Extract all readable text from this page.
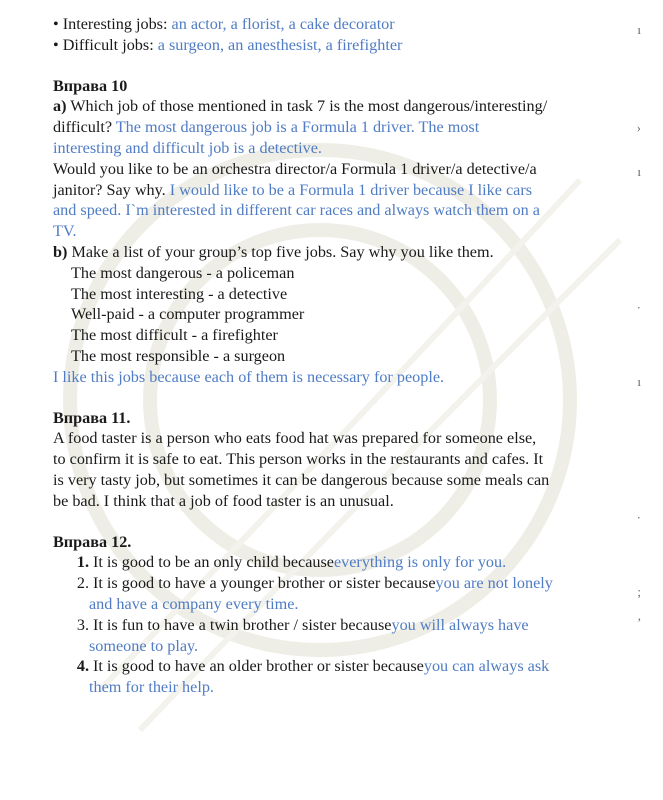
• Interesting jobs: an actor, a florist, a cake decorator
• Difficult jobs: a surgeon, an anesthesist, a firefighter
Вправа 10
a) Which job of those mentioned in task 7 is the most dangerous/interesting/
difficult? The most dangerous job is a Formula 1 driver. The most
interesting and difficult job is a detective.
Would you like to be an orchestra director/a Formula 1 driver/a detective/a
janitor? Say why. I would like to be a Formula 1 driver because I like cars
and speed. I`m interested in different car races and always watch them on a
TV.
b) Make a list of your group’s top five jobs. Say why you like them.
The most dangerous - a policeman
The most interesting - a detective
Well-paid - a computer programmer
The most difficult - a firefighter
The most responsible - a surgeon
I like this jobs because each of them is necessary for people.
Вправа 11.
A food taster is a person who eats food hat was prepared for someone else,
to confirm it is safe to eat. This person works in the restaurants and cafes. It
is very tasty job, but sometimes it can be dangerous because some meals can
be bad. I think that a job of food taster is an unusual.
Вправа 12.
1. It is good to be an only child because everything is only for you.
2. It is good to have a younger brother or sister because you are not lonely
and have a company every time.
3. It is fun to have a twin brother / sister because you will always have
someone to play.
4. It is good to have an older brother or sister because you can always ask
them for their help.
ı
›
ı
·
ı
·
;
,
